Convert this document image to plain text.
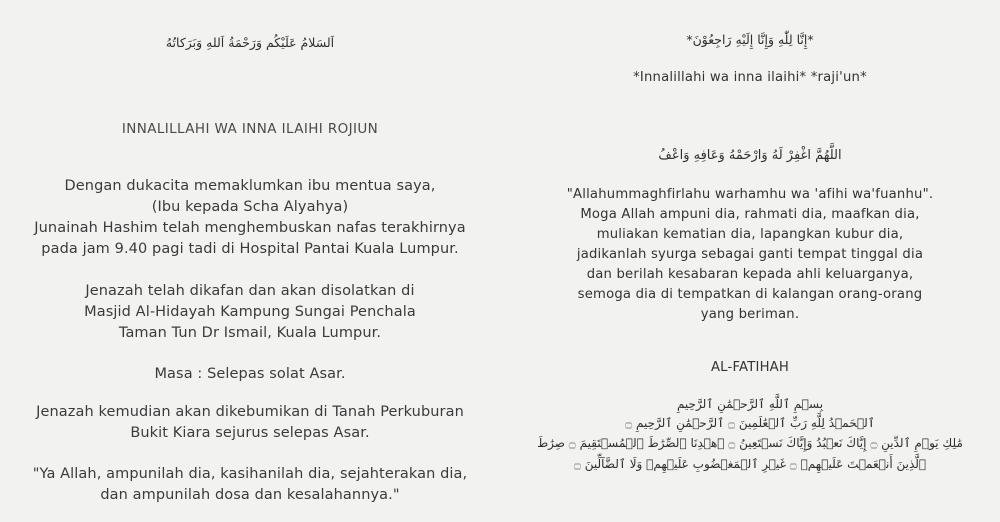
اَلسَلامُ عَلَيْكُم وَرَحْمَةُ اَللهِ وَبَرَكاتُهُ
INNALILLAHI WA INNA ILAIHI ROJIUN
Dengan dukacita memaklumkan ibu mentua saya,
(Ibu kepada Scha Alyahya)
Junainah Hashim telah menghembuskan nafas terakhirnya
pada jam 9.40 pagi tadi di Hospital Pantai Kuala Lumpur.
Jenazah telah dikafan dan akan disolatkan di
Masjid Al-Hidayah Kampung Sungai Penchala
Taman Tun Dr Ismail, Kuala Lumpur.
Masa : Selepas solat Asar.
Jenazah kemudian akan dikebumikan di Tanah Perkuburan
Bukit Kiara sejurus selepas Asar.
"Ya Allah, ampunilah dia, kasihanilah dia, sejahterakan dia,
dan ampunilah dosa dan kesalahannya."
*إِنَّا لِلّٰهِ وَإِنَّا إِلَيْهِ رَاجِعُوْنَ*
*Innalillahi wa inna ilaihi* *raji'un*
اللَّهُمَّ اغْفِرْ لَهُ وَارْحَمْهُ وَعَافِهِ وَاعْفُ
"Allahummaghfirlahu warhamhu wa 'afihi wa'fuanhu".
Moga Allah ampuni dia, rahmati dia, maafkan dia,
muliakan kematian dia, lapangkan kubur dia,
jadikanlah syurga sebagai ganti tempat tinggal dia
dan berilah kesabaran kepada ahli keluarganya,
semoga dia di tempatkan di kalangan orang-orang
yang beriman.
AL-FATIHAH
بِسۡمِ ٱللَّهِ ٱلرَّحۡمَٰنِ ٱلرَّحِيمِ
ٱلۡحَمۡدُ لِلَّهِ رَبِّ ٱلۡعَٰلَمِينَ ۝ ٱلرَّحۡمَٰنِ ٱلرَّحِيمِ ۝
مَٰلِكِ يَوۡمِ ٱلدِّينِ ۝ إِيَّاكَ نَعۡبُدُ وَإِيَّاكَ نَسۡتَعِينُ ۝ ٱهۡدِنَا ٱلصِّرَٰطَ ٱلۡمُسۡتَقِيمَ ۝ صِرَٰطَ
ٱلَّذِينَ أَنۡعَمۡتَ عَلَيۡهِمۡ ۝ غَيۡرِ ٱلۡمَغۡضُوبِ عَلَيۡهِمۡ وَلَا ٱلضَّآلِّينَ ۝
